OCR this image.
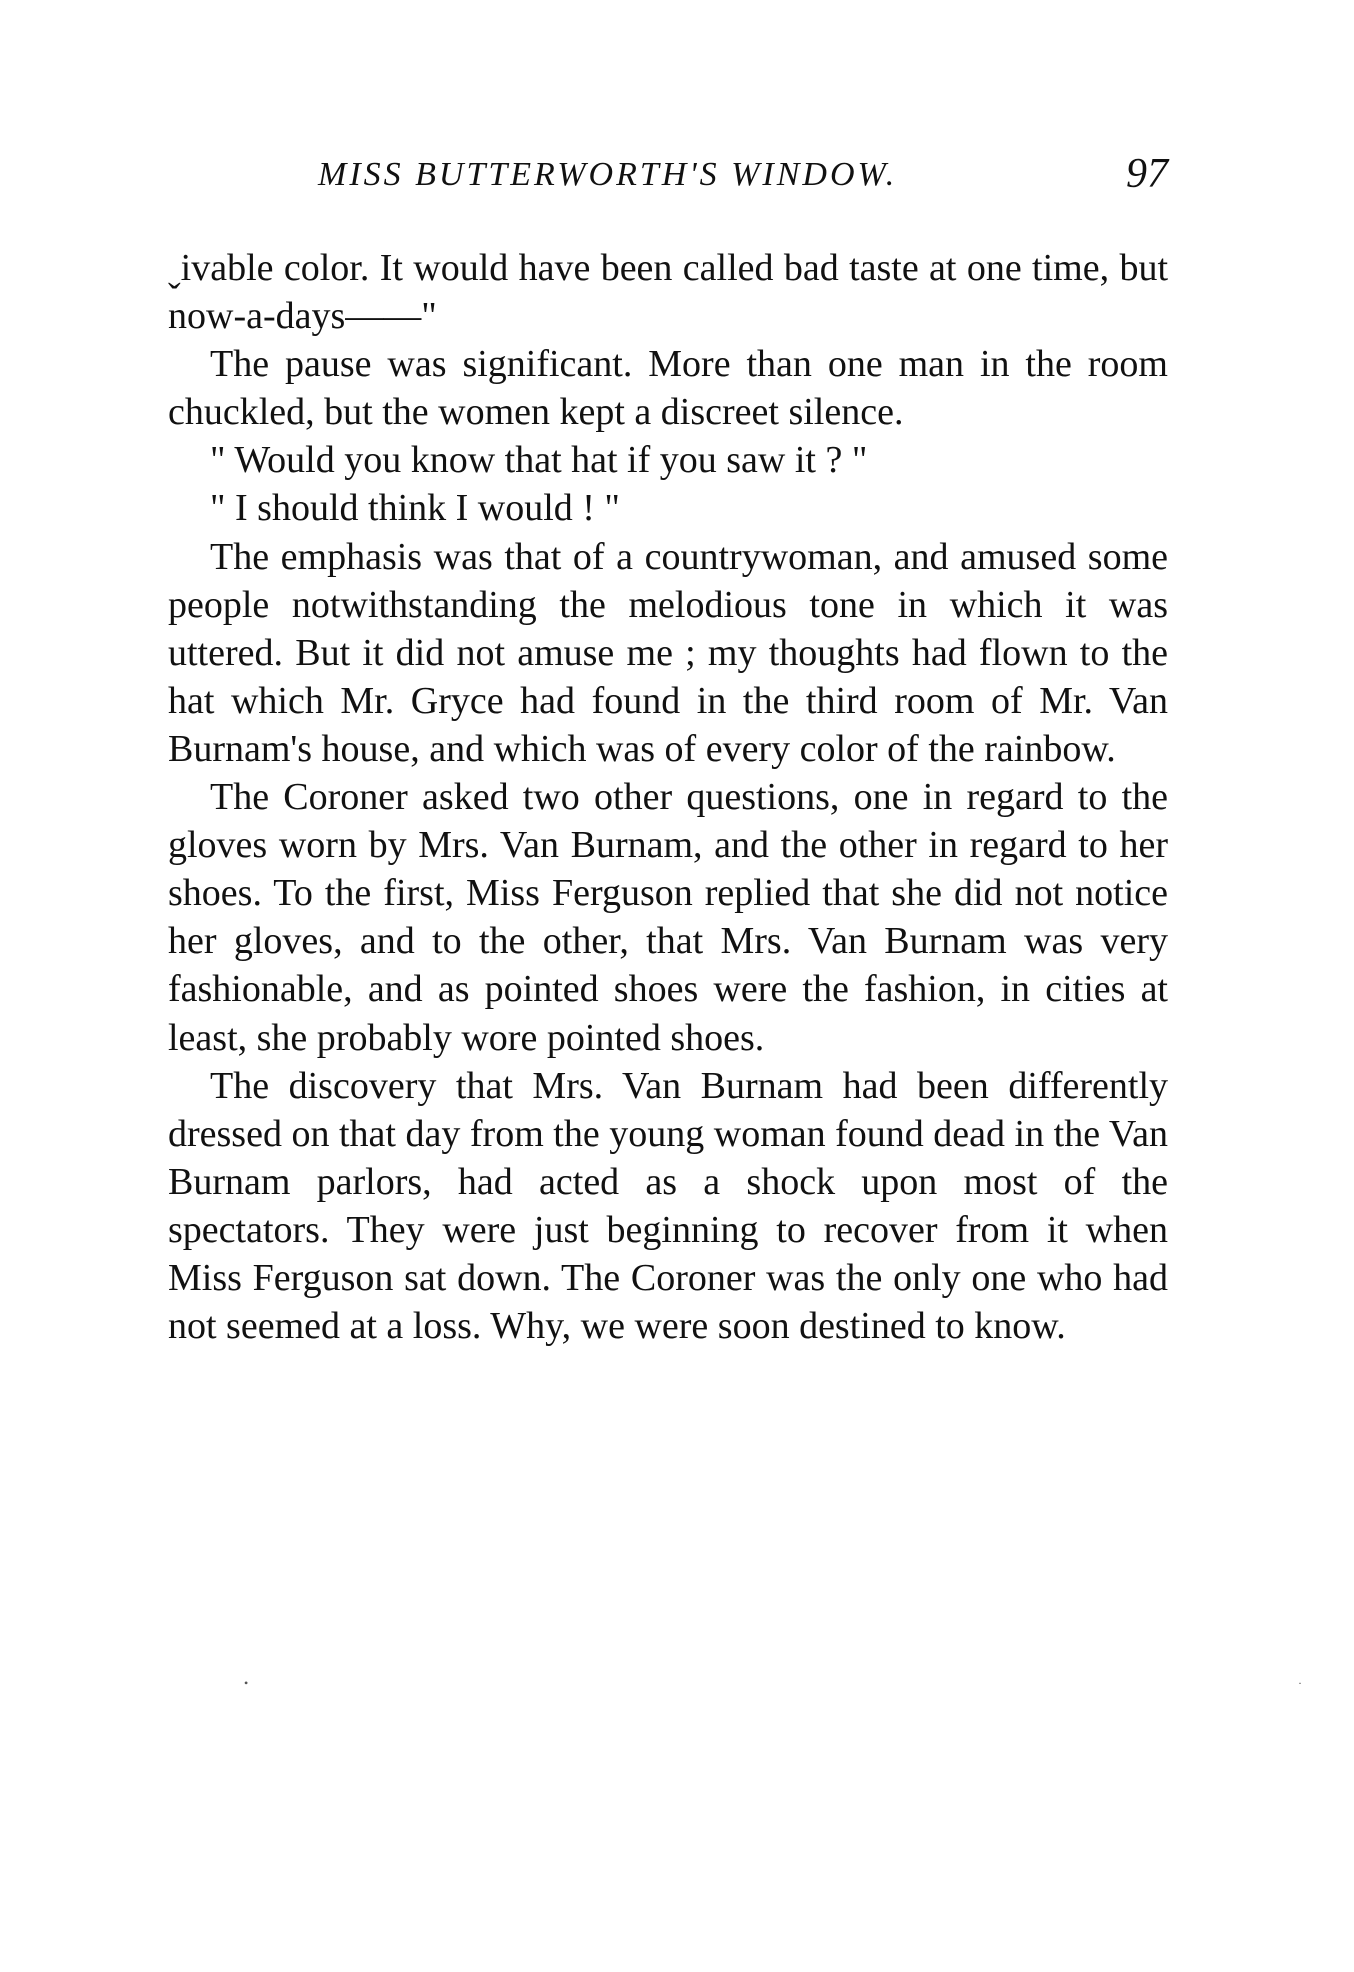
MISS BUTTERWORTH'S WINDOW.	97

ˬivable color. It would have been called bad taste at one time, but now-a-days——"

The pause was significant. More than one man in the room chuckled, but the women kept a discreet silence.

" Would you know that hat if you saw it ? "

" I should think I would ! "

The emphasis was that of a countrywoman, and amused some people notwithstanding the melodious tone in which it was uttered. But it did not amuse me ; my thoughts had flown to the hat which Mr. Gryce had found in the third room of Mr. Van Burnam's house, and which was of every color of the rainbow.

The Coroner asked two other questions, one in regard to the gloves worn by Mrs. Van Burnam, and the other in regard to her shoes. To the first, Miss Ferguson replied that she did not notice her gloves, and to the other, that Mrs. Van Burnam was very fashionable, and as pointed shoes were the fashion, in cities at least, she probably wore pointed shoes.

The discovery that Mrs. Van Burnam had been differently dressed on that day from the young woman found dead in the Van Burnam parlors, had acted as a shock upon most of the spectators. They were just beginning to recover from it when Miss Ferguson sat down. The Coroner was the only one who had not seemed at a loss. Why, we were soon destined to know.

•	·
